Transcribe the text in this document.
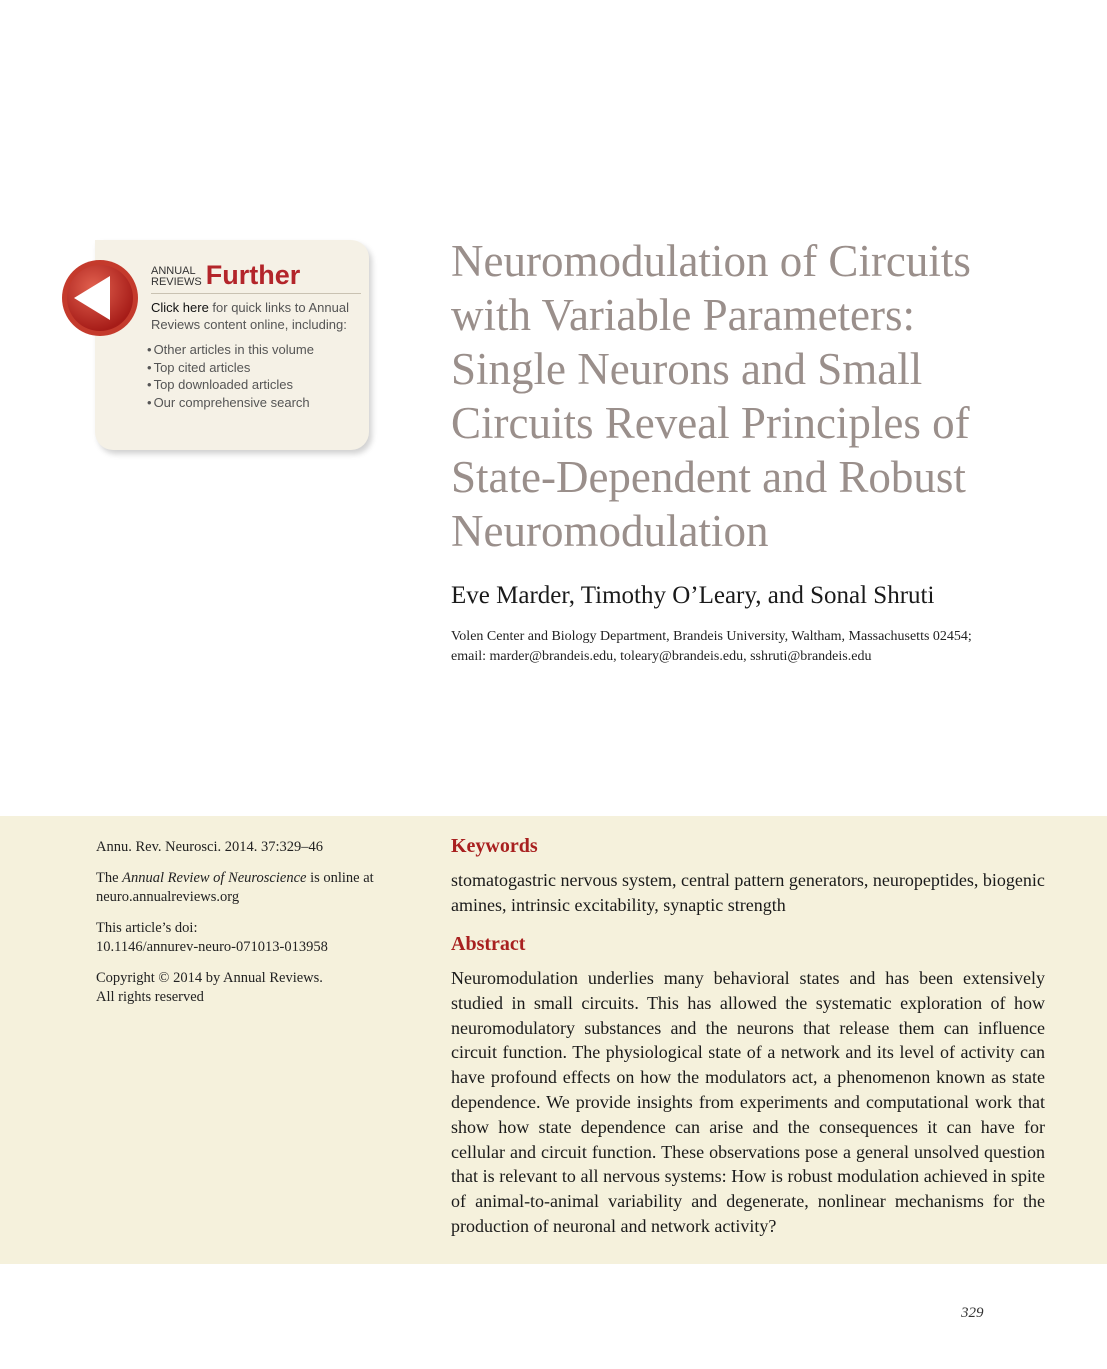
ANNUAL
REVIEWS Further
Click here for quick links to Annual Reviews content online, including:
• Other articles in this volume
• Top cited articles
• Top downloaded articles
• Our comprehensive search
Neuromodulation of Circuits
with Variable Parameters:
Single Neurons and Small
Circuits Reveal Principles of
State-Dependent and Robust
Neuromodulation

Eve Marder, Timothy O’Leary, and Sonal Shruti

Volen Center and Biology Department, Brandeis University, Waltham, Massachusetts 02454;
email: marder@brandeis.edu, toleary@brandeis.edu, sshruti@brandeis.edu

Annu. Rev. Neurosci. 2014. 37:329–46

The Annual Review of Neuroscience is online at
neuro.annualreviews.org

This article’s doi:
10.1146/annurev-neuro-071013-013958

Copyright © 2014 by Annual Reviews.
All rights reserved

Keywords

stomatogastric nervous system, central pattern generators, neuropeptides, biogenic amines, intrinsic excitability, synaptic strength

Abstract

Neuromodulation underlies many behavioral states and has been extensively studied in small circuits. This has allowed the systematic exploration of how neuromodulatory substances and the neurons that release them can influence circuit function. The physiological state of a network and its level of activity can have profound effects on how the modulators act, a phenomenon known as state dependence. We provide insights from experiments and computational work that show how state dependence can arise and the consequences it can have for cellular and circuit function. These observations pose a general unsolved question that is relevant to all nervous systems: How is robust modulation achieved in spite of animal-to-animal variability and degenerate, nonlinear mechanisms for the production of neuronal and network activity?

329
